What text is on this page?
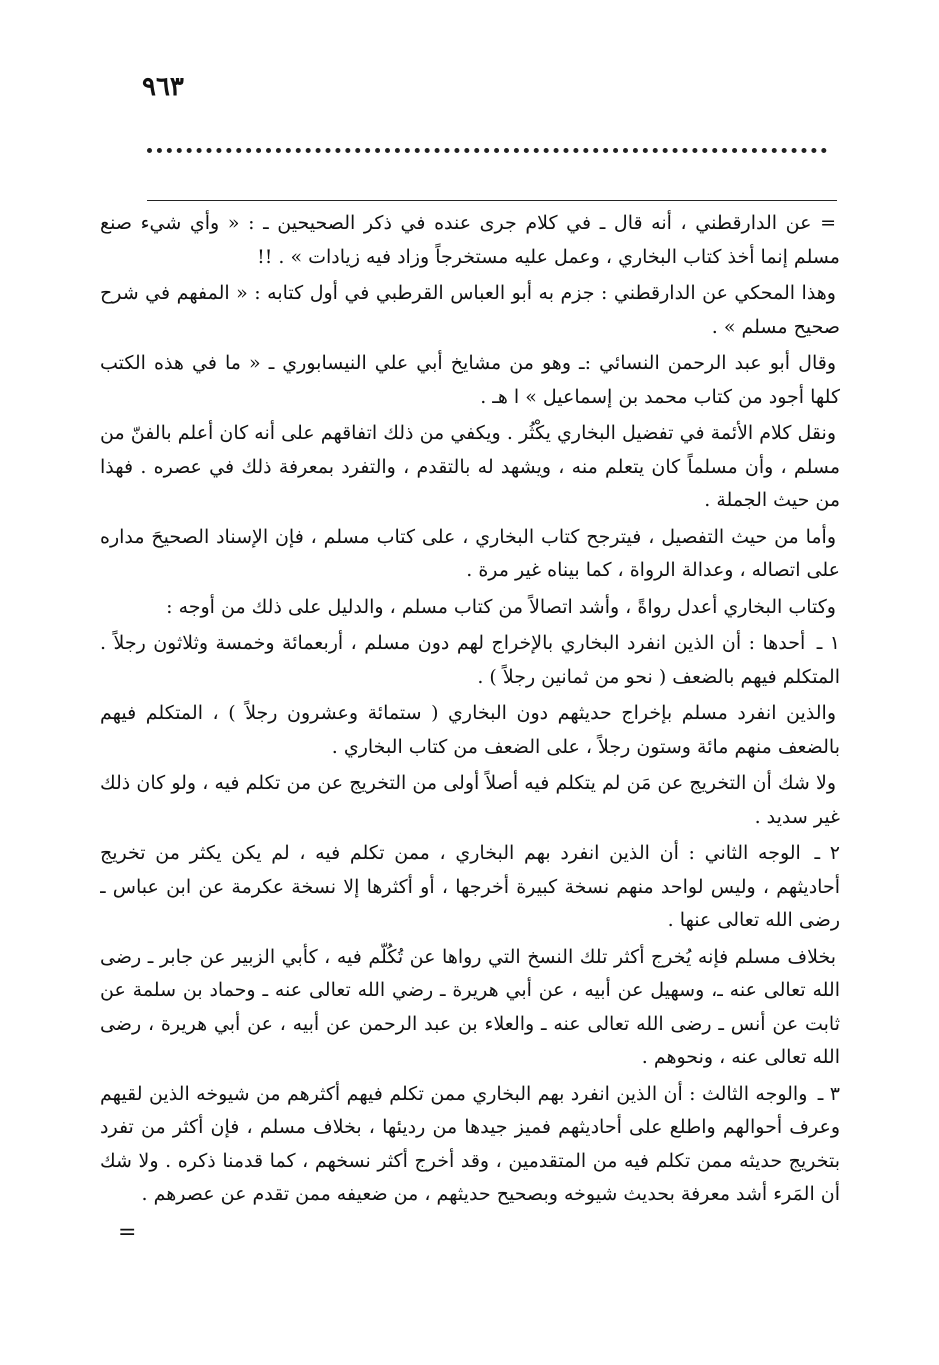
٩٦٣

= عن الدارقطني ، أنه قال ـ في كلام جرى عنده في ذكر الصحيحين ـ : « وأي شيء صنع مسلم إنما أخذ كتاب البخاري ، وعمل عليه مستخرجاً وزاد فيه زيادات » . !!

وهذا المحكي عن الدارقطني : جزم به أبو العباس القرطبي في أول كتابه : « المفهم في شرح صحيح مسلم » .

وقال أبو عبد الرحمن النسائي :ـ وهو من مشايخ أبي علي النيسابوري ـ « ما في هذه الكتب كلها أجود من كتاب محمد بن إسماعيل » ا هـ .

ونقل كلام الأئمة في تفضيل البخاري يكْثُر . ويكفي من ذلك اتفاقهم على أنه كان أعلم بالفنّ من مسلم ، وأن مسلماً كان يتعلم منه ، ويشهد له بالتقدم ، والتفرد بمعرفة ذلك في عصره . فهذا من حيث الجملة .

وأما من حيث التفصيل ، فيترجح كتاب البخاري ، على كتاب مسلم ، فإن الإسناد الصحيحَ مداره على اتصاله ، وعدالة الرواة ، كما بيناه غير مرة .

وكتاب البخاري أعدل رواةً ، وأشد اتصالاً من كتاب مسلم ، والدليل على ذلك من أوجه :

١ ـ أحدها : أن الذين انفرد البخاري بالإخراج لهم دون مسلم ، أربعمائة وخمسة وثلاثون رجلاً . المتكلم فيهم بالضعف ( نحو من ثمانين رجلاً ) .

والذين انفرد مسلم بإخراج حديثهم دون البخاري ( ستمائة وعشرون رجلاً ) ، المتكلم فيهم بالضعف منهم مائة وستون رجلاً ، على الضعف من كتاب البخاري .

ولا شك أن التخريج عن مَن لم يتكلم فيه أصلاً أولى من التخريج عن من تكلم فيه ، ولو كان ذلك غير سديد .

٢ ـ الوجه الثاني : أن الذين انفرد بهم البخاري ، ممن تكلم فيه ، لم يكن يكثر من تخريج أحاديثهم ، وليس لواحد منهم نسخة كبيرة أخرجها ، أو أكثرها إلا نسخة عكرمة عن ابن عباس ـ رضى الله تعالى عنها .

بخلاف مسلم فإنه يُخرج أكثر تلك النسخ التي رواها عن تُكُلّم فيه ، كأبي الزبير عن جابر ـ رضى الله تعالى عنه ـ، وسهيل عن أبيه ، عن أبي هريرة ـ رضي الله تعالى عنه ـ وحماد بن سلمة عن ثابت عن أنس ـ رضى الله تعالى عنه ـ والعلاء بن عبد الرحمن عن أبيه ، عن أبي هريرة ، رضى الله تعالى عنه ، ونحوهم .

٣ ـ والوجه الثالث : أن الذين انفرد بهم البخاري ممن تكلم فيهم أكثرهم من شيوخه الذين لقيهم وعرف أحوالهم واطلع على أحاديثهم فميز جيدها من رديئها ، بخلاف مسلم ، فإن أكثر من تفرد بتخريج حديثه ممن تكلم فيه من المتقدمين ، وقد أخرج أكثر نسخهم ، كما قدمنا ذكره . ولا شك أن المَرء أشد معرفة بحديث شيوخه وبصحيح حديثهم ، من ضعيفه ممن تقدم عن عصرهم .

=
